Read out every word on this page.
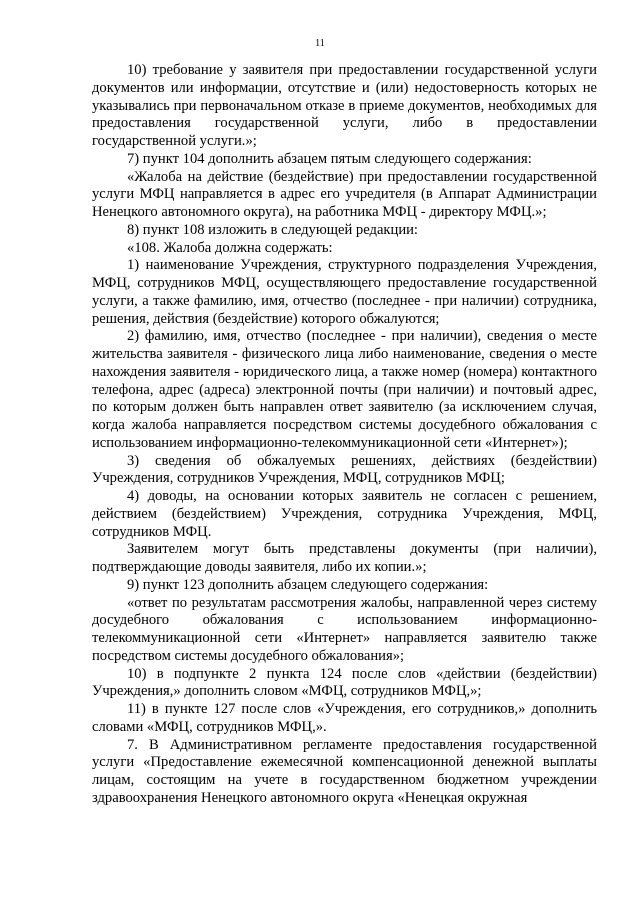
11

10) требование у заявителя при предоставлении государственной услуги документов или информации, отсутствие и (или) недостоверность которых не указывались при первоначальном отказе в приеме документов, необходимых для предоставления государственной услуги, либо в предоставлении государственной услуги.»;

7) пункт 104 дополнить абзацем пятым следующего содержания:

«Жалоба на действие (бездействие) при предоставлении государственной услуги МФЦ направляется в адрес его учредителя (в Аппарат Администрации Ненецкого автономного округа), на работника МФЦ - директору МФЦ.»;

8) пункт 108 изложить в следующей редакции:

«108. Жалоба должна содержать:

1) наименование Учреждения, структурного подразделения Учреждения, МФЦ, сотрудников МФЦ, осуществляющего предоставление государственной услуги, а также фамилию, имя, отчество (последнее - при наличии) сотрудника, решения, действия (бездействие) которого обжалуются;

2) фамилию, имя, отчество (последнее - при наличии), сведения о месте жительства заявителя - физического лица либо наименование, сведения о месте нахождения заявителя - юридического лица, а также номер (номера) контактного телефона, адрес (адреса) электронной почты (при наличии) и почтовый адрес, по которым должен быть направлен ответ заявителю (за исключением случая, когда жалоба направляется посредством системы досудебного обжалования с использованием информационно-телекоммуникационной сети «Интернет»);

3) сведения об обжалуемых решениях, действиях (бездействии) Учреждения, сотрудников Учреждения, МФЦ, сотрудников МФЦ;

4) доводы, на основании которых заявитель не согласен с решением, действием (бездействием) Учреждения, сотрудника Учреждения, МФЦ, сотрудников МФЦ.

Заявителем могут быть представлены документы (при наличии), подтверждающие доводы заявителя, либо их копии.»;

9) пункт 123 дополнить абзацем следующего содержания:

«ответ по результатам рассмотрения жалобы, направленной через систему досудебного обжалования с использованием информационно-телекоммуникационной сети «Интернет» направляется заявителю также посредством системы досудебного обжалования»;

10) в подпункте 2 пункта 124 после слов «действии (бездействии) Учреждения,» дополнить словом «МФЦ, сотрудников МФЦ,»;

11) в пункте 127 после слов «Учреждения, его сотрудников,» дополнить словами «МФЦ, сотрудников МФЦ,».

7. В Административном регламенте предоставления государственной услуги «Предоставление ежемесячной компенсационной денежной выплаты лицам, состоящим на учете в государственном бюджетном учреждении здравоохранения Ненецкого автономного округа «Ненецкая окружная
